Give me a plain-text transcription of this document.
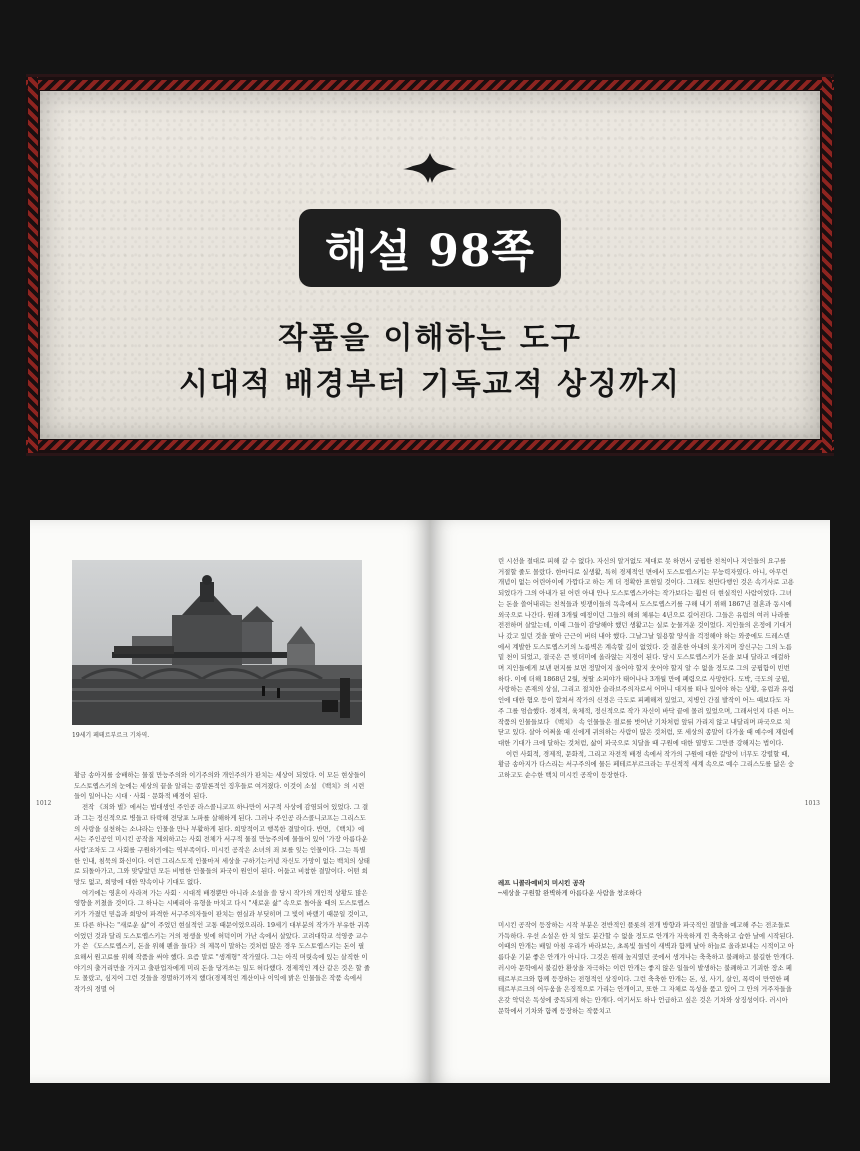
해설 98쪽
작품을 이해하는 도구
시대적 배경부터 기독교적 상징까지
19세기 페테르부르크 기차역.
1012

황금 송아지를 숭배하는 물질 만능주의와 이기주의와 개인주의가 판치는 세상이 되었다. 이 모든 현상들이 도스토옙스키의 눈에는 세상의 끝을 알리는 종말론적인 징후들로 여겨졌다. 이것이 소설 《백치》의 시련들이 일어나는 시대 · 사회 · 문화적 배경이 된다.

전작 《죄와 벌》에서는 법대생인 주인공 라스콜니코프 하나만이 서구적 사상에 감염되어 있었다. 그 결과 그는 정신적으로 병들고 타락해 전당포 노파를 살해하게 된다. 그러나 주인공 라스콜니코프는 그리스도의 사랑을 실천하는 소냐라는 인물을 만나 부활하게 된다. 희망적이고 행복한 결말이다. 반면, 《백치》에서는 주인공인 미시킨 공작을 제외하고는 사회 전체가 서구적 물질 만능주의에 물들어 있어 '가장 아름다운 사람'조차도 그 사회를 구원하기에는 역부족이다. 미시킨 공작은 소녀의 죄 보를 잊는 인물이다. 그는 특별한 인내, 침묵의 화신이다. 이런 그리스도적 인물마저 세상을 구하기는커녕 자신도 가망이 없는 백치의 상태로 되돌아가고, 그와 맞닿았던 모든 비범한 인물들의 파국이 원인이 된다. 어둡고 비참한 결말이다. 어떤 희망도 없고, 희망에 대한 약속이나 기대도 없다.

여기에는 영혼이 사라져 가는 사회 · 시대적 배경뿐만 아니라 소설을 쓸 당시 작가의 개인적 상황도 많은 영향을 끼쳤을 것이다. 그 하나는 시베리아 유형을 마치고 다시 "새로운 삶" 속으로 돌아올 때의 도스토옙스키가 가졌던 믿음과 희망이 파격한 서구주의자들이 판치는 현실과 부딪히며 그 빛이 바랬기 때문일 것이고, 또 다른 하나는 "새로운 삶"이 주었던 현실적인 고통 때문이었으리라. 19세기 대부분의 작가가 부유한 귀족이었던 것과 달리 도스토옙스키는 거의 평생을 빚에 허덕이며 가난 속에서 살았다. 고려대학교 석영중 교수가 쓴 《도스토옙스키, 돈을 위해 펜을 들다》의 제목이 말하는 것처럼 많은 경우 도스토옙스키는 돈이 필요해서 원고료를 위해 작품을 써야 했다. 요즘 말로 "생계형" 작가였다. 그는 아직 머릿속에 있는 살직한 이야기의 출거리만을 가지고 출판업자에게 미리 돈을 당겨쓰는 일도 허다했다. 경제적인 계산 같은 것은 할 줄도 몰랐고, 심지어 그런 것들을 경멸하기까지 했다(경제적인 계산이나 이익에 밝은 인물들은 작품 속에서 작가의 경멸 어

1013

린 시선을 절대로 피해 갈 수 없다). 자신의 알거없도 제대로 못 하면서 궁핍한 친척이나 지인들의 요구를 거절할 줄도 몰랐다. 한마디로 실생활, 특히 경제적인 면에서 도스토옙스키는 무능력자였다. 아니, 아무런 개념이 없는 어린아이에 가깝다고 하는 게 더 정확한 표현일 것이다. 그래도 천만다행인 것은 속기사로 고용되었다가 그의 아내가 된 어린 아내 안나 도스토옙스카야는 작가보다는 훨씬 더 현실적인 사람이었다. 그녀는 돈을 쓸어내리는 친척들과 빚쟁이들의 독촉에서 도스토옙스키를 구해 내기 위해 1867년 결혼과 동시에 외국으로 나간다. 원래 3개월 예정이던 그들의 해외 체류는 4년으로 길어진다. 그들은 유럽의 여러 나라를 전전하며 살았는데, 이때 그들이 감당해야 했던 생활고는 실로 눈물겨운 것이었다. 지인들의 온정에 기대거나 갔고 있던 것을 팔아 근근이 버텨 내야 했다. 그날그날 일용할 양식을 걱정해야 하는 와중에도 드레스덴에서 계발한 도스토옙스키의 노름벽은 계속할 길이 없었다. 갓 결혼한 아내의 옷가지며 장신구는 그의 노름 밑 천이 되었고, 결국은 큰 빚더미에 올라앉는 지경이 된다. 당시 도스토옙스키가 돈을 보내 달라고 애걸하며 지인들에게 보낸 편지를 보면 정말이지 울어야 할지 웃어야 할지 알 수 없을 정도로 그의 궁핍함이 빈번하다. 이에 더해 1868년 2월, 첫딸 소피야가 태어나나 3개월 만에 폐렴으로 사망한다. 도박, 극도의 궁핍, 사랑하는 존재의 상실, 그리고 절치한 슬라브주의자로서 어머니 대지를 떠나 있어야 하는 상황, 유럽과 유럽인에 대한 혐오 등이 합쳐서 작가의 신경은 극도로 피폐해져 있었고, 지병인 간질 발작이 어느 때보다도 자주 그를 엄습했다. 경제적, 육체적, 정신적으로 작가 자신이 바닥 끝에 몰려 있었으며, 그래서인지 다른 어느 작품의 인물들보다 《백치》 속 인물들은 절로를 벗어난 기차처럼 앞뒤 가리지 않고 내달리며 파국으로 치닫고 있다. 살아 어쩌올 때 신에게 귀의하는 사람이 많은 것처럼, 또 세상의 종말이 다가올 때 예수에 재림에 대한 기대가 크에 달하는 것처럼, 삶이 파국으로 치달을 때 구원에 대한 열망도 그만큼 강해지는 법이다.

이런 사회적, 경제적, 문화적, 그리고 자전적 배경 속에서 작가의 구원에 대한 갈망이 너무도 강렬할 때, 황금 송아지가 다스리는 서구주의에 물든 페테르부르크라는 무신적적 세계 속으로 예수 그리스도를 닮은 숭고하고도 순수한 백치 미시킨 공작이 등장한다.

레프 니콜라예비치 미시킨 공작
─세상을 구원할 완벽하게 아름다운 사람을 창조하다

미시킨 공작이 등장하는 시작 부분은 전반적인 플롯의 전개 방향과 파국적인 결말을 예고해 주는 전조들로 가득하다. 우선 소설은 한 치 앞도 분간할 수 없을 정도로 안개가 자욱하게 낀 축축하고 습한 날에 시작된다. 이때의 안개는 배일 아침 우리가 바라보는, 초록빛 들녘이 새벽과 함께 날아 하늘로 올라보내는 시적이고 아름다운 기분 좋은 안개가 아니다. 그것은 원래 높지였던 곳에서 생겨나는 축축하고 불쾌하고 불길한 안개다. 러시아 문학에서 불길한 환상을 자극하는 이런 안개는 좋지 않은 일들이 발생하는 불쾌하고 기괴한 장소 페테르부르크와 함께 등장하는 전형적인 상징이다. 그런 축축한 안개는 돈, 성, 사기, 살인, 폭력이 만연한 페테르부르크의 어두움을 은징적으로 가리는 안개이고, 또한 그 자체로 독성을 품고 있어 그 안의 거주자들을 온갖 악덕은 독성에 중독되게 하는 안개다. 여기서도 하나 언급하고 싶은 것은 기차와 상징성이다. 러시아 문학에서 기차와 함께 등장하는 작품치고
